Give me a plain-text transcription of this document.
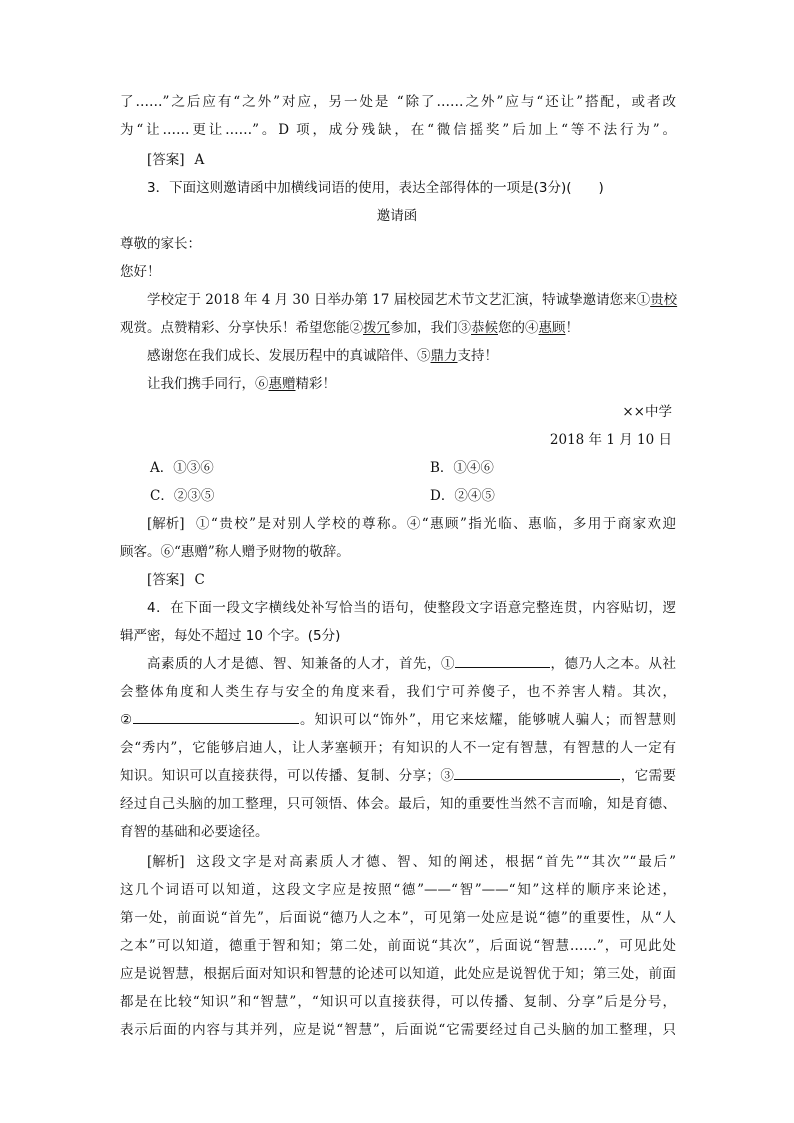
了……”之后应有“之外”对应，另一处是 “除了……之外”应与“还让”搭配，或者改
为“让……更让……”。D 项，成分残缺，在“微信摇奖”后加上“等不法行为”。
[答案] A
3．下面这则邀请函中加横线词语的使用，表达全部得体的一项是(3分)(　　)
邀请函
尊敬的家长：
您好！
学校定于 2018 年 4 月 30 日举办第 17 届校园艺术节文艺汇演，特诚挚邀请您来①贵校
观赏。点赞精彩、分享快乐！希望您能②拨冗参加，我们③恭候您的④惠顾！
感谢您在我们成长、发展历程中的真诚陪伴、⑤鼎力支持！
让我们携手同行，⑥惠赠精彩！
××中学
2018 年 1 月 10 日
A．①③⑥	B．①④⑥
C．②③⑤	D．②④⑤
[解析] ①“贵校”是对别人学校的尊称。④“惠顾”指光临、惠临，多用于商家欢迎
顾客。⑥“惠赠”称人赠予财物的敬辞。
[答案] C
4．在下面一段文字横线处补写恰当的语句，使整段文字语意完整连贯，内容贴切，逻
辑严密，每处不超过 10 个字。(5分)
高素质的人才是德、智、知兼备的人才，首先，①	，德乃人之本。从社
会整体角度和人类生存与安全的角度来看，我们宁可养傻子，也不养害人精。其次，
②	。知识可以“饰外”，用它来炫耀，能够唬人骗人；而智慧则
会“秀内”，它能够启迪人，让人茅塞顿开；有知识的人不一定有智慧，有智慧的人一定有
知识。知识可以直接获得，可以传播、复制、分享；③	，它需要
经过自己头脑的加工整理，只可领悟、体会。最后，知的重要性当然不言而喻，知是育德、
育智的基础和必要途径。
[解析] 这段文字是对高素质人才德、智、知的阐述，根据“首先”“其次”“最后”
这几个词语可以知道，这段文字应是按照“德”——“智”——“知”这样的顺序来论述，
第一处，前面说“首先”，后面说“德乃人之本”，可见第一处应是说“德”的重要性，从“人
之本”可以知道，德重于智和知；第二处，前面说“其次”，后面说“智慧……”，可见此处
应是说智慧，根据后面对知识和智慧的论述可以知道，此处应是说智优于知；第三处，前面
都是在比较“知识”和“智慧”，“知识可以直接获得，可以传播、复制、分享”后是分号，
表示后面的内容与其并列，应是说“智慧”，后面说“它需要经过自己头脑的加工整理，只
